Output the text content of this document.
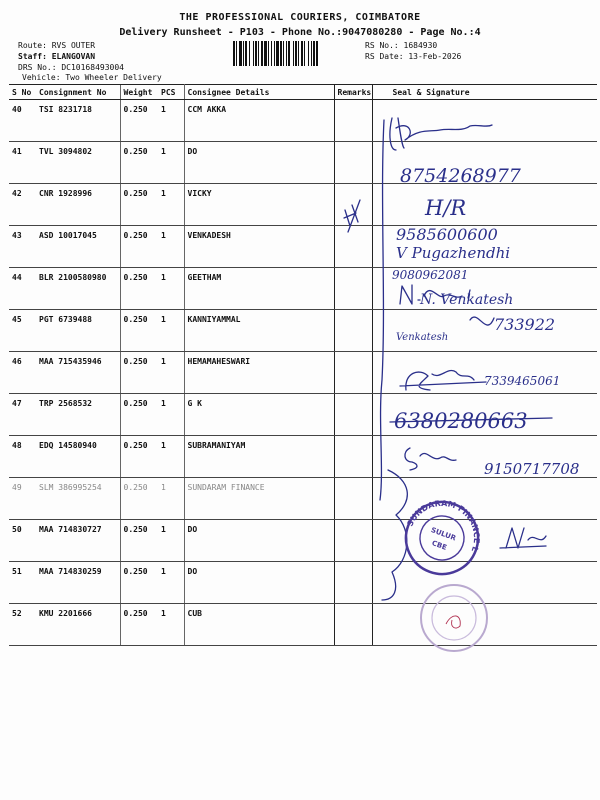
THE PROFESSIONAL COURIERS, COIMBATORE
Delivery Runsheet - P103 - Phone No.:9047080280 - Page No.:4
Route: RVS OUTER
Staff: ELANGOVAN
DRS No.: DC10168493004
Vehicle: Two Wheeler Delivery
RS No.: 1684930
RS Date: 13-Feb-2026
S No	Consignment No	Weight	PCS	Consignee Details	Remarks	Seal & Signature
40	TSI 8231718	0.250	1	CCM AKKA		
41	TVL 3094802	0.250	1	DO		
42	CNR 1928996	0.250	1	VICKY		
43	ASD 10017045	0.250	1	VENKADESH		
44	BLR 2100580980	0.250	1	GEETHAM		
45	PGT 6739488	0.250	1	KANNIYAMMAL		
46	MAA 715435946	0.250	1	HEMAMAHESWARI		
47	TRP 2568532	0.250	1	G K		
48	EDQ 14580940	0.250	1	SUBRAMANIYAM		
49	SLM 386995254	0.250	1	SUNDARAM FINANCE		
50	MAA 714830727	0.250	1	DO		
51	MAA 714830259	0.250	1	DO		
52	KMU 2201666	0.250	1	CUB		
8754268977
H/R
9585600600
V Pugazhendhi
9080962081
N. Venkatesh
Venkatesh
733922
7339465061
6380280663
9150717708
SUNDARAM FINANCE LTD.
SULUR
CBE
